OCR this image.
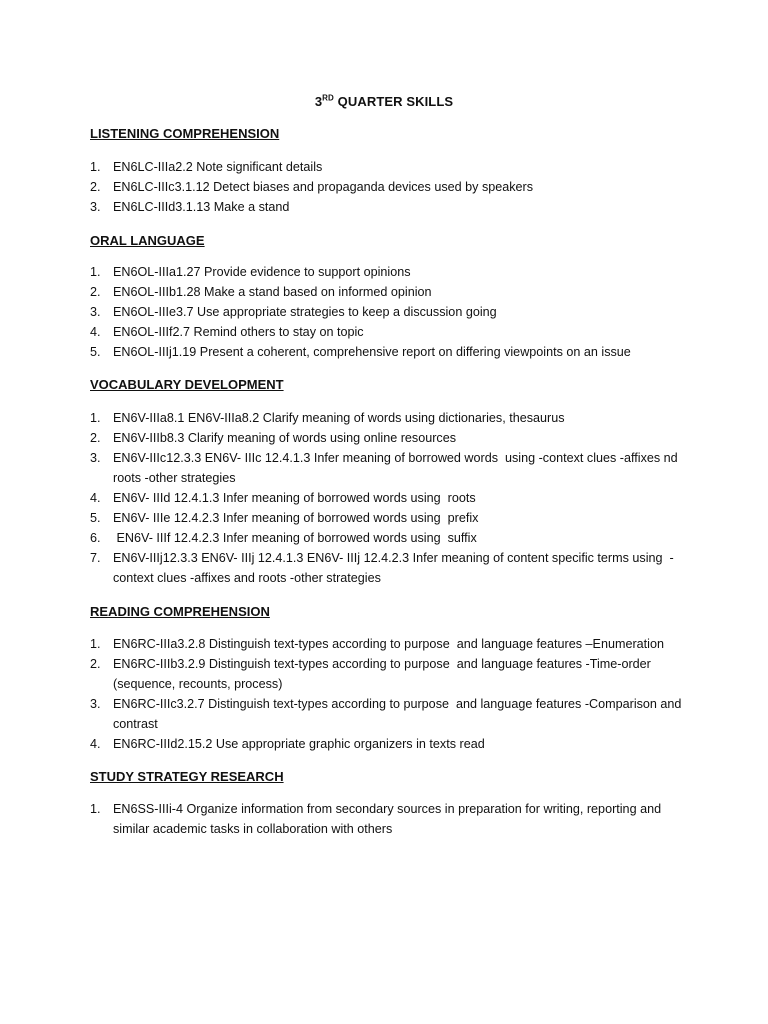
3RD QUARTER SKILLS
LISTENING COMPREHENSION
1. EN6LC-IIIa2.2 Note significant details
2. EN6LC-IIIc3.1.12 Detect biases and propaganda devices used by speakers
3. EN6LC-IIId3.1.13 Make a stand
ORAL LANGUAGE
1. EN6OL-IIIa1.27 Provide evidence to support opinions
2. EN6OL-IIIb1.28 Make a stand based on informed opinion
3. EN6OL-IIIe3.7 Use appropriate strategies to keep a discussion going
4. EN6OL-IIIf2.7 Remind others to stay on topic
5. EN6OL-IIIj1.19 Present a coherent, comprehensive report on differing viewpoints on an issue
VOCABULARY DEVELOPMENT
1. EN6V-IIIa8.1 EN6V-IIIa8.2 Clarify meaning of words using dictionaries, thesaurus
2. EN6V-IIIb8.3 Clarify meaning of words using online resources
3. EN6V-IIIc12.3.3 EN6V- IIIc 12.4.1.3 Infer meaning of borrowed words  using -context clues -affixes nd
roots -other strategies
4. EN6V- IIId 12.4.1.3 Infer meaning of borrowed words using  roots
5. EN6V- IIIe 12.4.2.3 Infer meaning of borrowed words using  prefix
6. EN6V- IIIf 12.4.2.3 Infer meaning of borrowed words using  suffix
7. EN6V-IIIj12.3.3 EN6V- IIIj 12.4.1.3 EN6V- IIIj 12.4.2.3 Infer meaning of content specific terms using  -
context clues -affixes and roots -other strategies
READING COMPREHENSION
1. EN6RC-IIIa3.2.8 Distinguish text-types according to purpose  and language features –Enumeration
2. EN6RC-IIIb3.2.9 Distinguish text-types according to purpose  and language features -Time-order
(sequence, recounts, process)
3. EN6RC-IIIc3.2.7 Distinguish text-types according to purpose  and language features -Comparison and
contrast
4. EN6RC-IIId2.15.2 Use appropriate graphic organizers in texts read
STUDY STRATEGY RESEARCH
1. EN6SS-IIIi-4 Organize information from secondary sources in preparation for writing, reporting and
similar academic tasks in collaboration with others
